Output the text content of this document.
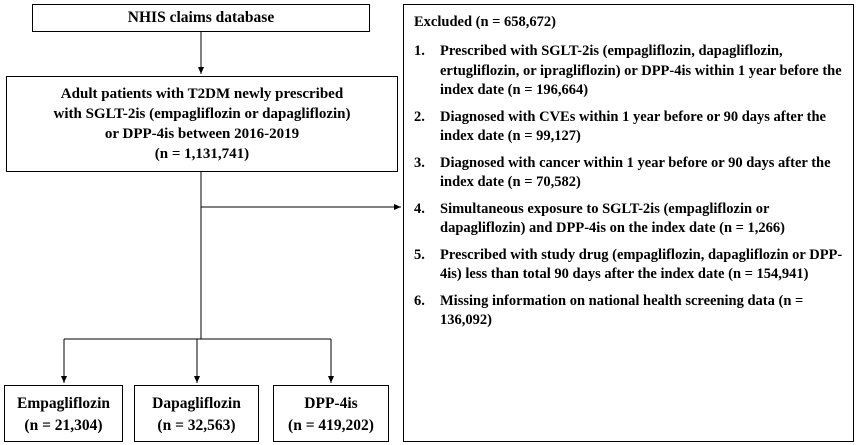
NHIS claims database
Adult patients with T2DM newly prescribed
with SGLT-2is (empagliflozin or dapagliflozin)
or DPP-4is between 2016-2019
(n = 1,131,741)
Excluded (n = 658,672)
1.	Prescribed with SGLT-2is (empagliflozin, dapagliflozin, ertugliflozin, or ipragliflozin) or DPP-4is within 1 year before the index date (n = 196,664)
2.	Diagnosed with CVEs within 1 year before or 90 days after the index date (n = 99,127)
3.	Diagnosed with cancer within 1 year before or 90 days after the index date (n = 70,582)
4.	Simultaneous exposure to SGLT-2is (empagliflozin or dapagliflozin) and DPP-4is on the index date (n = 1,266)
5.	Prescribed with study drug (empagliflozin, dapagliflozin or DPP-4is) less than total 90 days after the index date (n = 154,941)
6.	Missing information on national health screening data (n = 136,092)
Empagliflozin
(n = 21,304)
Dapagliflozin
(n = 32,563)
DPP-4is
(n = 419,202)
